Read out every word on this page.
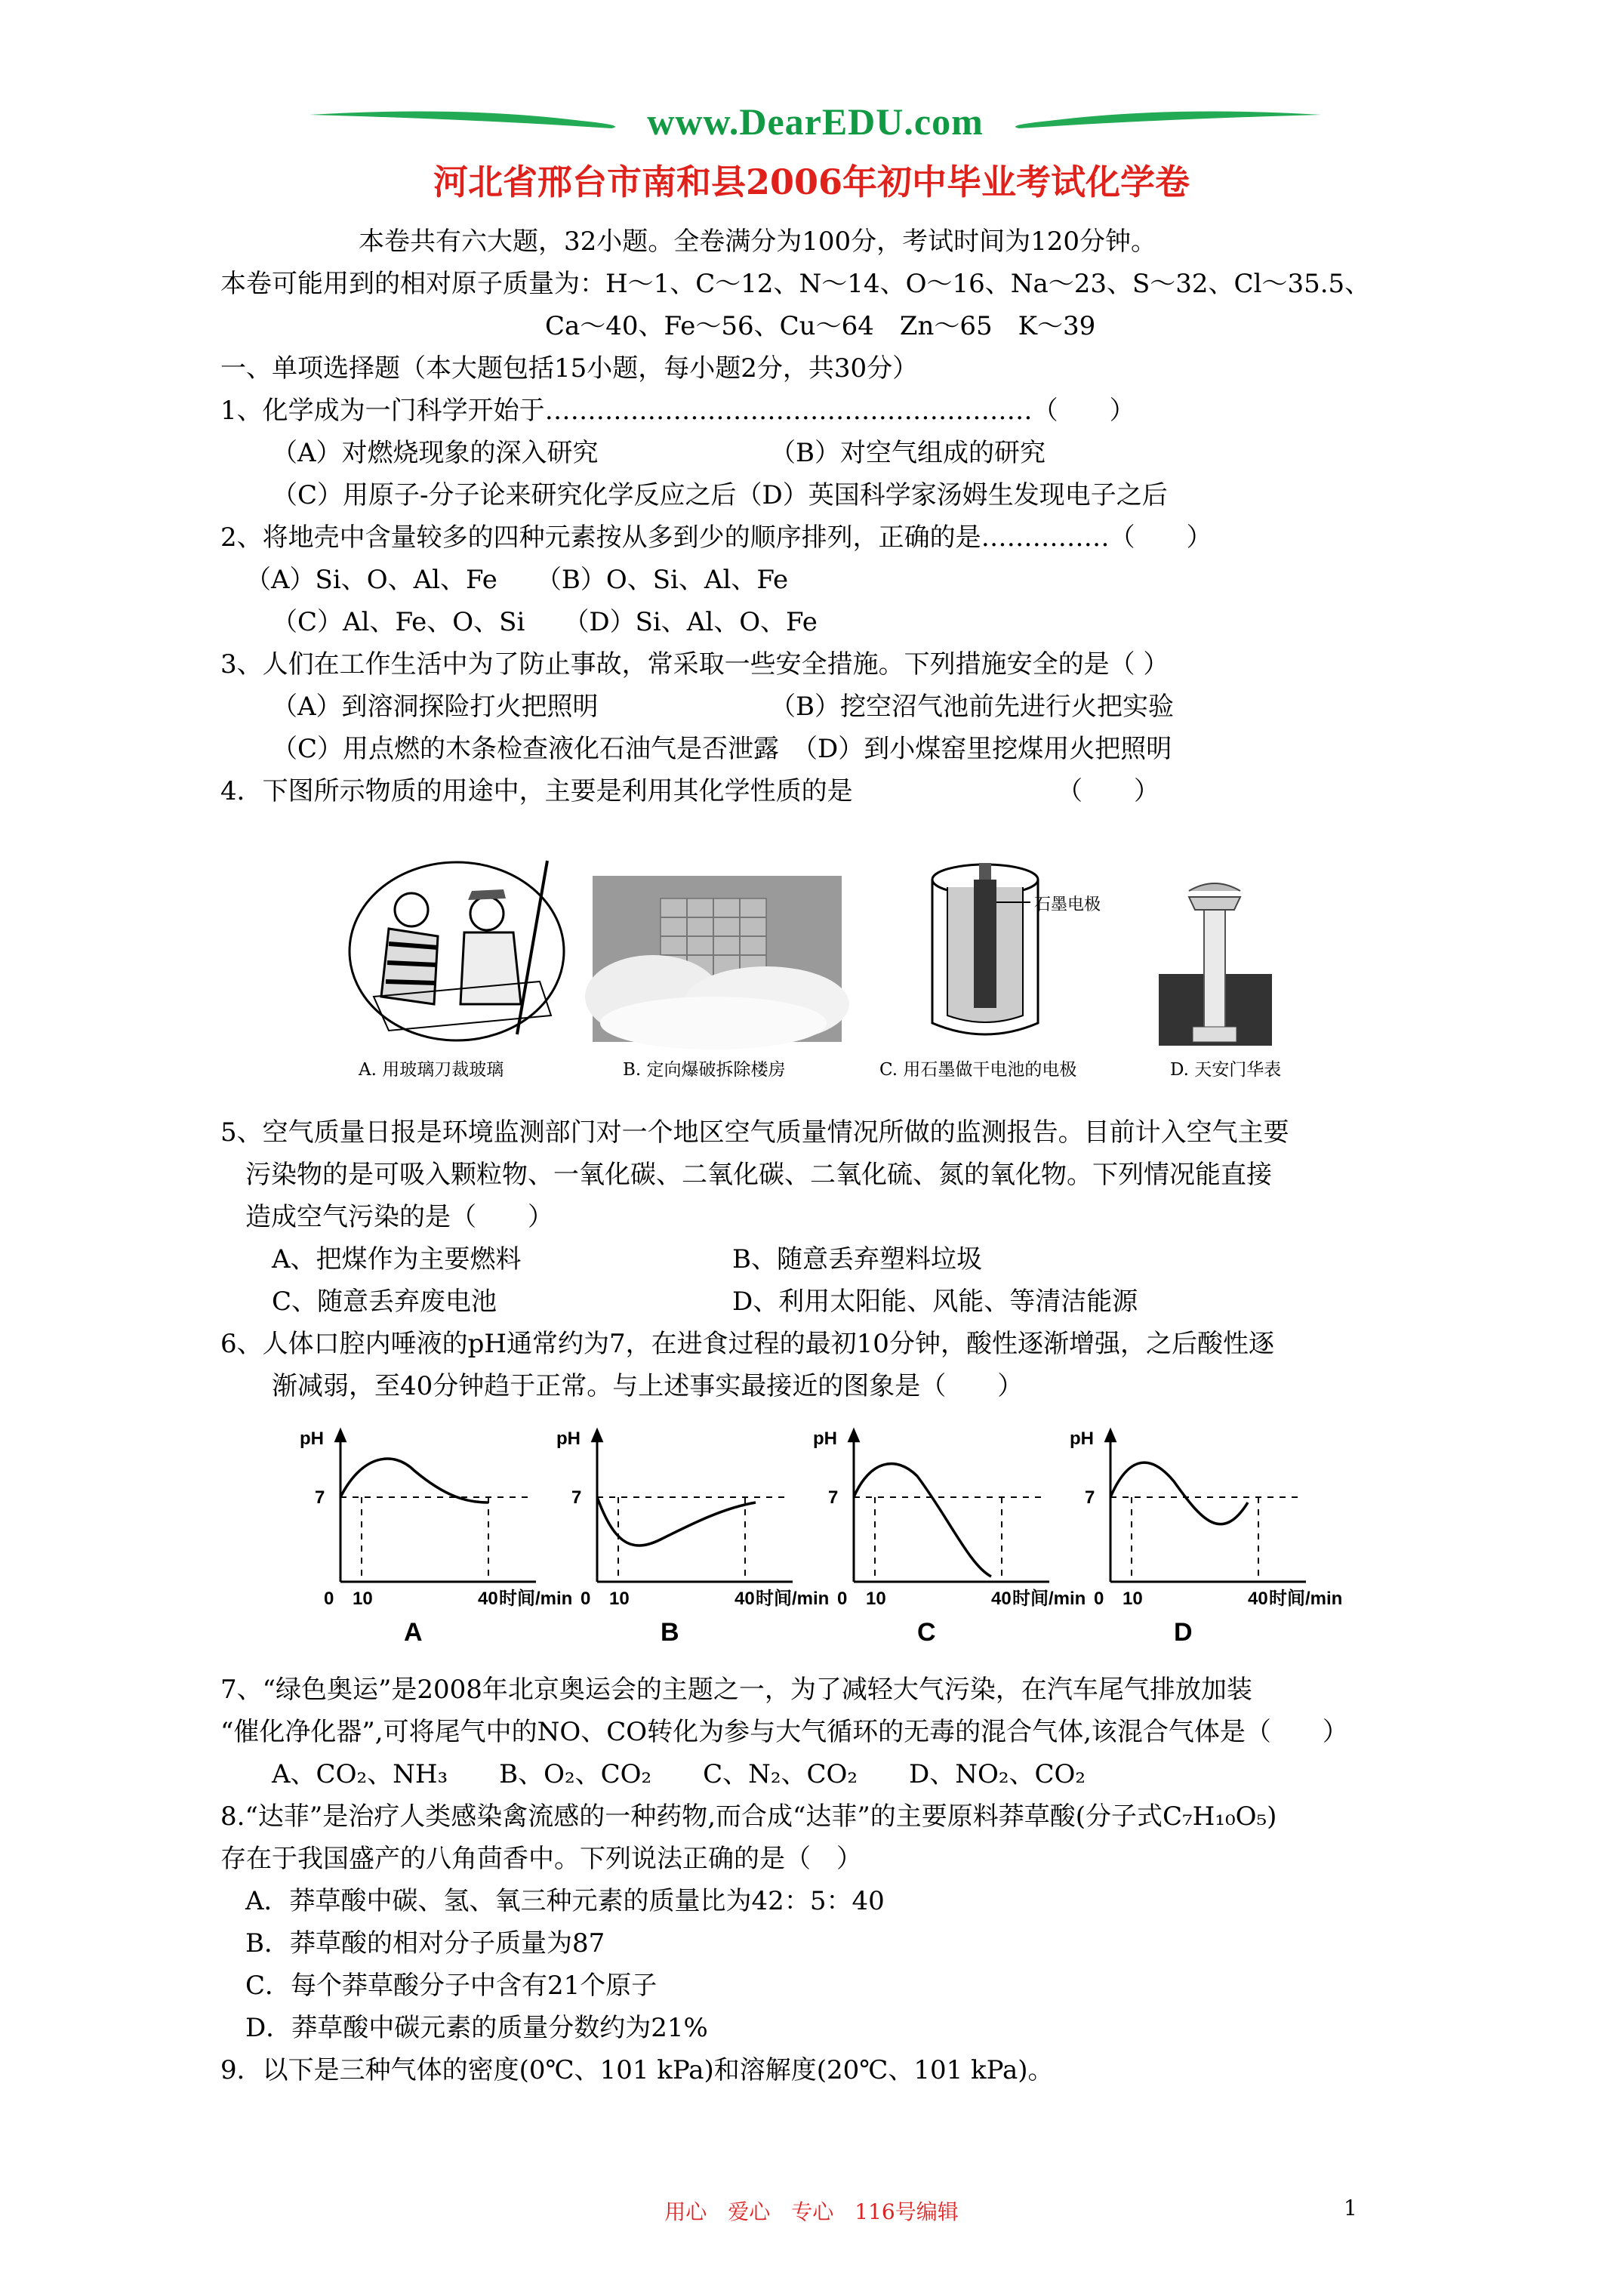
www.DearEDU.com
河北省邢台市南和县2006年初中毕业考试化学卷
本卷共有六大题，32小题。全卷满分为100分，考试时间为120分钟。
本卷可能用到的相对原子质量为：H～1、C～12、N～14、O～16、Na～23、S～32、Cl～35.5、
Ca～40、Fe～56、Cu～64　Zn～65　K～39
一、单项选择题（本大题包括15小题，每小题2分，共30分）
1、化学成为一门科学开始于…………………………………………………（　　）
（A）对燃烧现象的深入研究	（B）对空气组成的研究
（C）用原子-分子论来研究化学反应之后（D）英国科学家汤姆生发现电子之后
2、将地壳中含量较多的四种元素按从多到少的顺序排列，正确的是……………（　　）
（A）Si、O、Al、Fe　　（B）O、Si、Al、Fe
（C）Al、Fe、O、Si　　（D）Si、Al、O、Fe
3、人们在工作生活中为了防止事故，常采取一些安全措施。下列措施安全的是（ ）
（A）到溶洞探险打火把照明	（B）挖空沼气池前先进行火把实验
（C）用点燃的木条检查液化石油气是否泄露　（D）到小煤窑里挖煤用火把照明
4．下图所示物质的用途中，主要是利用其化学性质的是	（　　）
石墨电极
A. 用玻璃刀裁玻璃	B. 定向爆破拆除楼房	C. 用石墨做干电池的电极	D. 天安门华表
5、空气质量日报是环境监测部门对一个地区空气质量情况所做的监测报告。目前计入空气主要
污染物的是可吸入颗粒物、一氧化碳、二氧化碳、二氧化硫、氮的氧化物。下列情况能直接
造成空气污染的是（　　）
A、把煤作为主要燃料	B、随意丢弃塑料垃圾
C、随意丢弃废电池	D、利用太阳能、风能、等清洁能源
6、人体口腔内唾液的pH通常约为7，在进食过程的最初10分钟，酸性逐渐增强，之后酸性逐
渐减弱，至40分钟趋于正常。与上述事实最接近的图象是（　　）
pH
7
0 10	40 时间/min
A
pH
7
0 10	40 时间/min
B
pH
7
0 10	40 时间/min
C
pH
7
0 10	40 时间/min
D
7、“绿色奥运”是2008年北京奥运会的主题之一，为了减轻大气污染，在汽车尾气排放加装
“催化净化器”,可将尾气中的NO、CO转化为参与大气循环的无毒的混合气体,该混合气体是（　　）
A、CO₂、NH₃　　B、O₂、CO₂　　C、N₂、CO₂　　D、NO₂、CO₂
8.“达菲”是治疗人类感染禽流感的一种药物,而合成“达菲”的主要原料莽草酸(分子式C₇H₁₀O₅)
存在于我国盛产的八角茴香中。下列说法正确的是（　）
A．莽草酸中碳、氢、氧三种元素的质量比为42：5：40
B．莽草酸的相对分子质量为87
C．每个莽草酸分子中含有21个原子
D．莽草酸中碳元素的质量分数约为21%
9．以下是三种气体的密度(0℃、101 kPa)和溶解度(20℃、101 kPa)。
用心　爱心　专心　116号编辑	1
